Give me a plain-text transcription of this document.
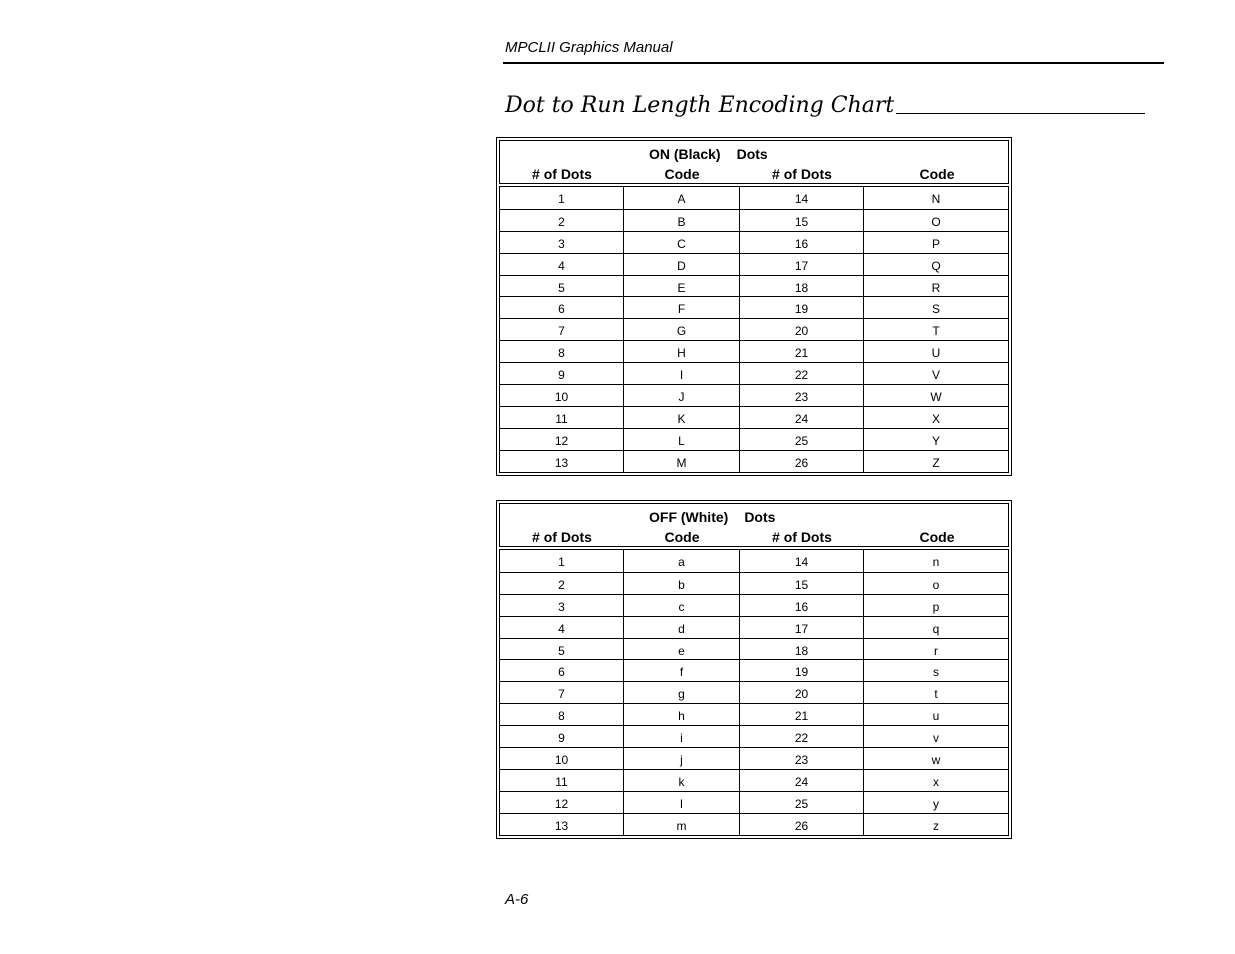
MPCLII Graphics Manual
Dot to Run Length Encoding Chart
ON (Black) Dots
# of Dots	Code	# of Dots	Code
1	A	14	N
2	B	15	O
3	C	16	P
4	D	17	Q
5	E	18	R
6	F	19	S
7	G	20	T
8	H	21	U
9	I	22	V
10	J	23	W
11	K	24	X
12	L	25	Y
13	M	26	Z
OFF (White) Dots
# of Dots	Code	# of Dots	Code
1	a	14	n
2	b	15	o
3	c	16	p
4	d	17	q
5	e	18	r
6	f	19	s
7	g	20	t
8	h	21	u
9	i	22	v
10	j	23	w
11	k	24	x
12	l	25	y
13	m	26	z
A-6
